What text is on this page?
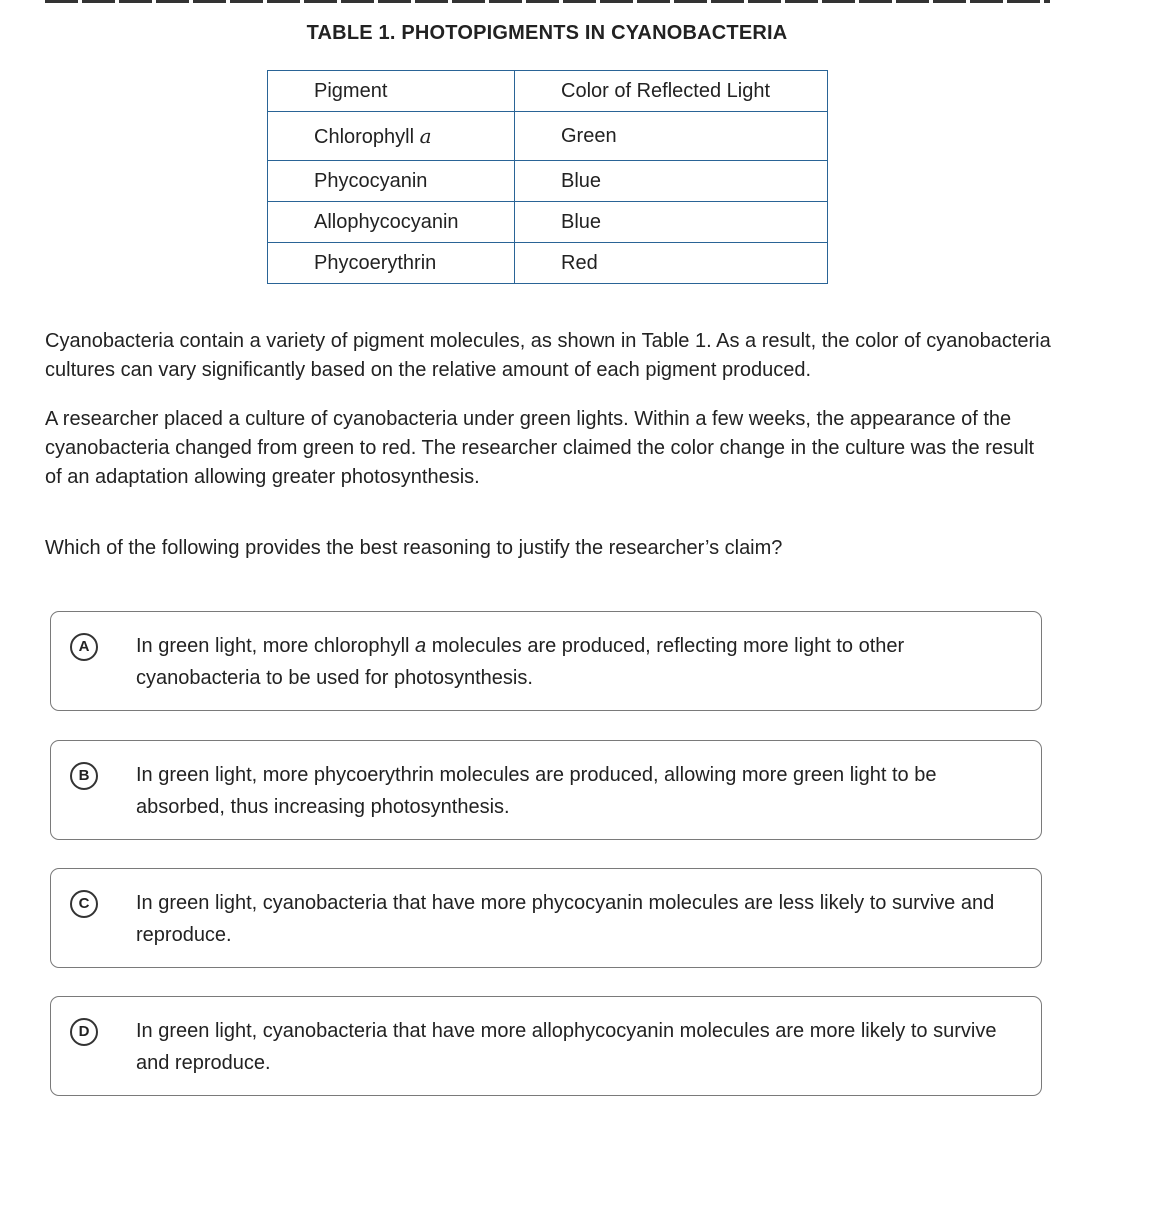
TABLE 1. PHOTOPIGMENTS IN CYANOBACTERIA
Pigment	Color of Reflected Light
Chlorophyll a	Green
Phycocyanin	Blue
Allophycocyanin	Blue
Phycoerythrin	Red

Cyanobacteria contain a variety of pigment molecules, as shown in Table 1. As a result, the color of cyanobacteria cultures can vary significantly based on the relative amount of each pigment produced.

A researcher placed a culture of cyanobacteria under green lights. Within a few weeks, the appearance of the cyanobacteria changed from green to red. The researcher claimed the color change in the culture was the result of an adaptation allowing greater photosynthesis.

Which of the following provides the best reasoning to justify the researcher’s claim?

A	In green light, more chlorophyll a molecules are produced, reflecting more light to other cyanobacteria to be used for photosynthesis.
B	In green light, more phycoerythrin molecules are produced, allowing more green light to be absorbed, thus increasing photosynthesis.
C	In green light, cyanobacteria that have more phycocyanin molecules are less likely to survive and reproduce.
D	In green light, cyanobacteria that have more allophycocyanin molecules are more likely to survive and reproduce.
